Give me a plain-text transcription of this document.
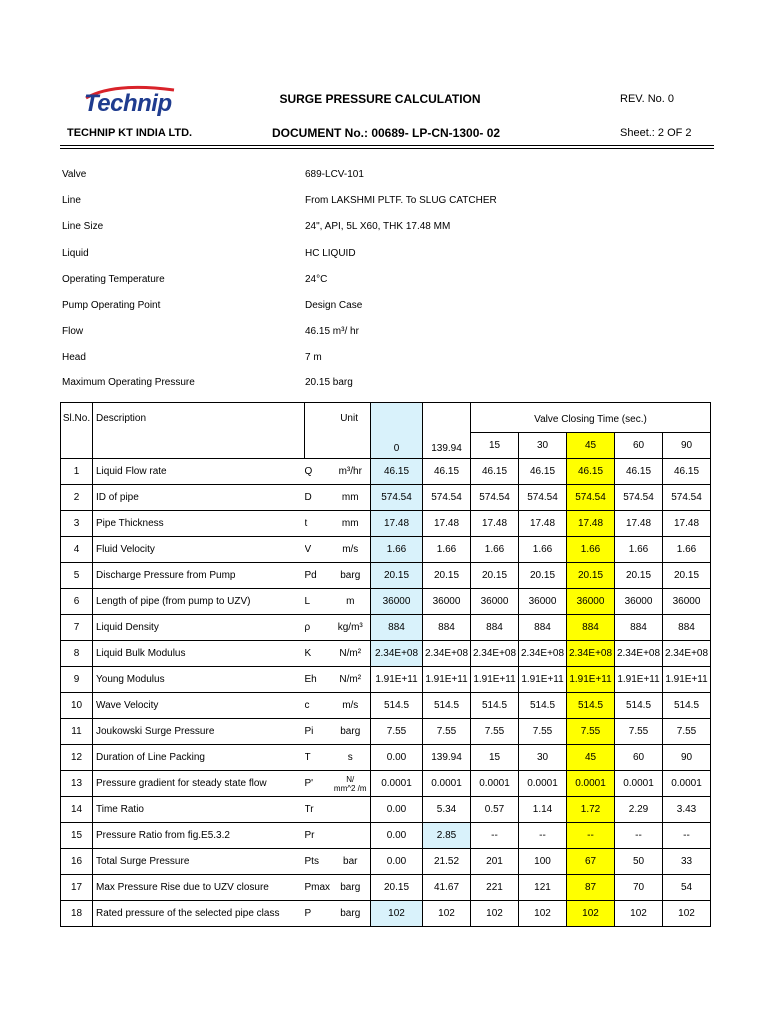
Technip	SURGE PRESSURE CALCULATION	REV. No. 0
TECHNIP KT INDIA LTD.	DOCUMENT No.: 00689- LP-CN-1300- 02	Sheet.: 2 OF 2
Valve	689-LCV-101
Line	From LAKSHMI PLTF. To SLUG CATCHER
Line Size	24", API, 5L X60, THK 17.48 MM
Liquid	HC LIQUID
Operating Temperature	24°C
Pump Operating Point	Design Case
Flow	46.15 m³/ hr
Head	7 m
Maximum Operating Pressure	20.15 barg
Sl.No.	Description	Unit		0	139.94	Valve Closing Time (sec.)				
						15	30	45	60	90
1	Liquid Flow rate	Q	m³/hr	46.15	46.15	46.15	46.15	46.15	46.15	46.15
2	ID of pipe	D	mm	574.54	574.54	574.54	574.54	574.54	574.54	574.54
3	Pipe Thickness	t	mm	17.48	17.48	17.48	17.48	17.48	17.48	17.48
4	Fluid Velocity	V	m/s	1.66	1.66	1.66	1.66	1.66	1.66	1.66
5	Discharge Pressure from Pump	Pd	barg	20.15	20.15	20.15	20.15	20.15	20.15	20.15
6	Length of pipe (from pump to UZV)	L	m	36000	36000	36000	36000	36000	36000	36000
7	Liquid Density	ρ	kg/m³	884	884	884	884	884	884	884
8	Liquid Bulk Modulus	K	N/m²	2.34E+08	2.34E+08	2.34E+08	2.34E+08	2.34E+08	2.34E+08	2.34E+08
9	Young Modulus	Eh	N/m²	1.91E+11	1.91E+11	1.91E+11	1.91E+11	1.91E+11	1.91E+11	1.91E+11
10	Wave Velocity	c	m/s	514.5	514.5	514.5	514.5	514.5	514.5	514.5
11	Joukowski Surge Pressure	Pi	barg	7.55	7.55	7.55	7.55	7.55	7.55	7.55
12	Duration of Line Packing	T	s	0.00	139.94	15	30	45	60	90
13	Pressure gradient for steady state flow	P'	N/
mm^2 /m	0.0001	0.0001	0.0001	0.0001	0.0001	0.0001	0.0001
14	Time Ratio	Tr		0.00	5.34	0.57	1.14	1.72	2.29	3.43
15	Pressure Ratio from fig.E5.3.2	Pr		0.00	2.85	--	--	--	--	--
16	Total Surge Pressure	Pts	bar	0.00	21.52	201	100	67	50	33
17	Max Pressure Rise due to UZV closure	Pmax	barg	20.15	41.67	221	121	87	70	54
18	Rated pressure of the selected pipe class	P	barg	102	102	102	102	102	102	102
